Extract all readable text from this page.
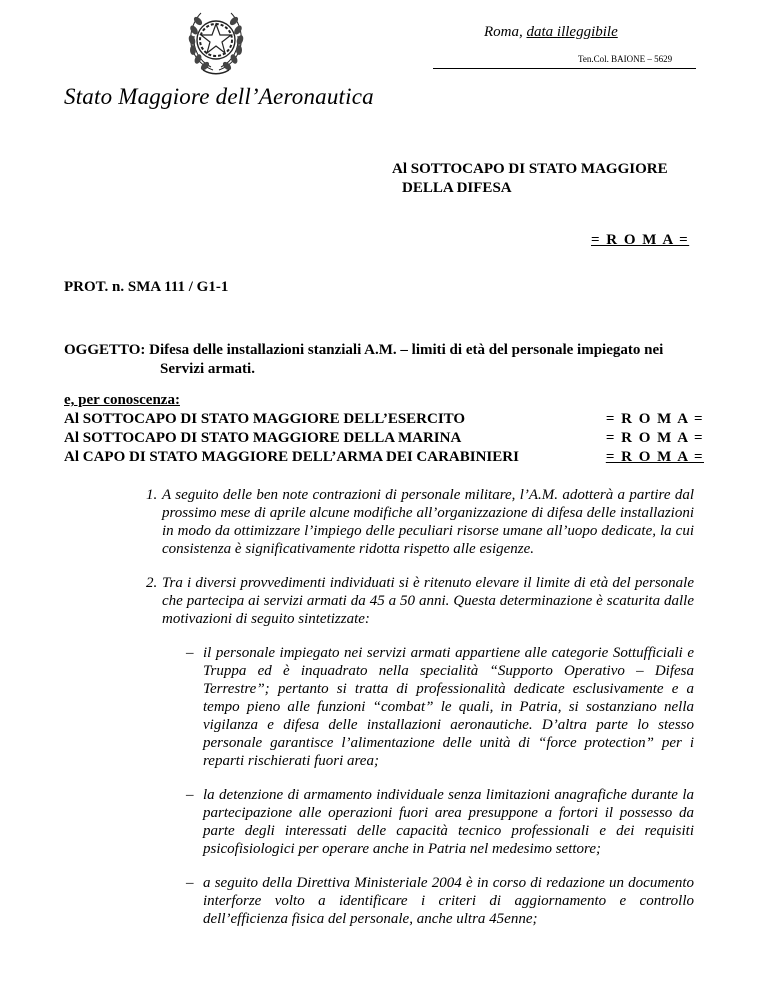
Stato Maggiore dell’Aeronautica
Roma, data illeggibile
Ten.Col. BAIONE – 5629
Al SOTTOCAPO DI STATO MAGGIORE
DELLA DIFESA
= R O M A =
PROT. n. SMA 111 / G1-1
OGGETTO: Difesa delle installazioni stanziali A.M. – limiti di età del personale impiegato nei
Servizi armati.
e, per conoscenza:
Al SOTTOCAPO DI STATO MAGGIORE DELL’ESERCITO	= R O M A =
Al SOTTOCAPO DI STATO MAGGIORE DELLA MARINA	= R O M A =
Al CAPO DI STATO MAGGIORE DELL’ARMA DEI CARABINIERI	= R O M A =
1. A seguito delle ben note contrazioni di personale militare, l’A.M. adotterà a partire dal prossimo mese di aprile alcune modifiche all’organizzazione di difesa delle installazioni in modo da ottimizzare l’impiego delle peculiari risorse umane all’uopo dedicate, la cui consistenza è significativamente ridotta rispetto alle esigenze.
2. Tra i diversi provvedimenti individuati si è ritenuto elevare il limite di età del personale che partecipa ai servizi armati da 45 a 50 anni. Questa determinazione è scaturita dalle motivazioni di seguito sintetizzate:
– il personale impiegato nei servizi armati appartiene alle categorie Sottufficiali e Truppa ed è inquadrato nella specialità “Supporto Operativo – Difesa Terrestre”; pertanto si tratta di professionalità dedicate esclusivamente e a tempo pieno alle funzioni “combat” le quali, in Patria, si sostanziano nella vigilanza e difesa delle installazioni aeronautiche. D’altra parte lo stesso personale garantisce l’alimentazione delle unità di “force protection” per i reparti rischierati fuori area;
– la detenzione di armamento individuale senza limitazioni anagrafiche durante la partecipazione alle operazioni fuori area presuppone a fortori il possesso da parte degli interessati delle capacità tecnico professionali e dei requisiti psicofisiologici per operare anche in Patria nel medesimo settore;
– a seguito della Direttiva Ministeriale 2004 è in corso di redazione un documento interforze volto a identificare i criteri di aggiornamento e controllo dell’efficienza fisica del personale, anche ultra 45enne;
